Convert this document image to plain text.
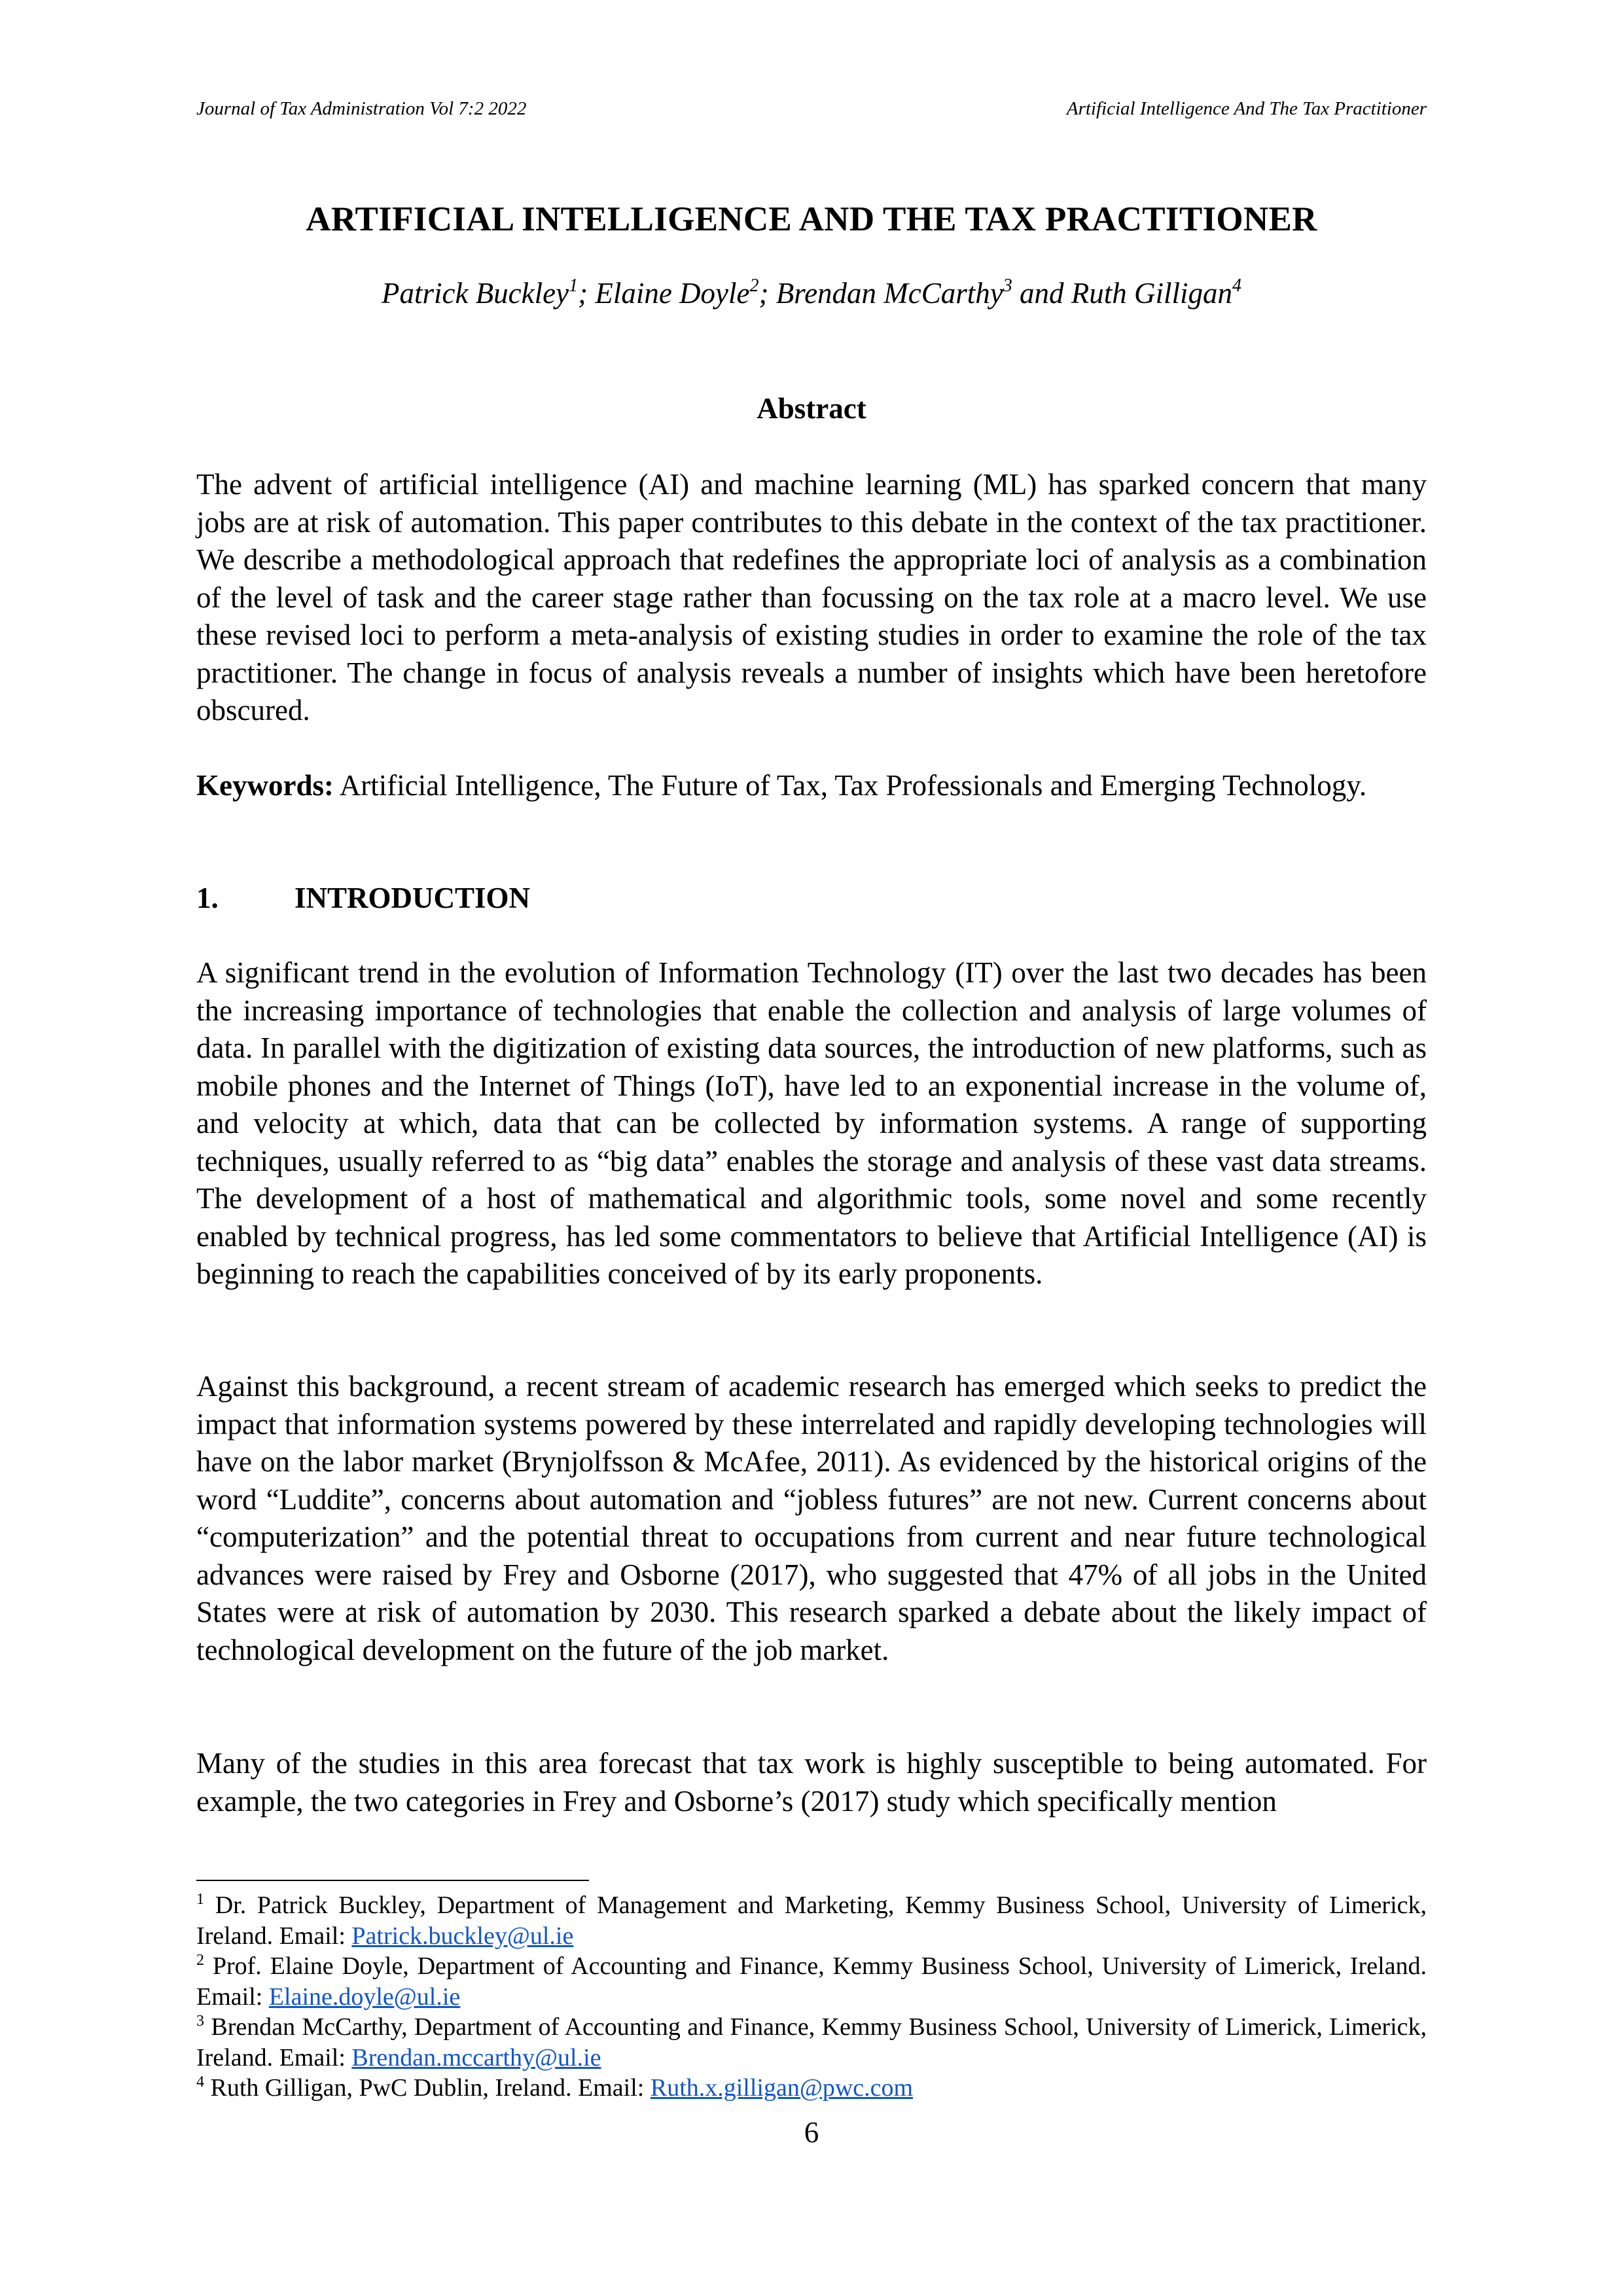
Journal of Tax Administration Vol 7:2 2022	Artificial Intelligence And The Tax Practitioner
ARTIFICIAL INTELLIGENCE AND THE TAX PRACTITIONER
Patrick Buckley$^1$; Elaine Doyle$^2$; Brendan McCarthy$^3$ and Ruth Gilligan$^4$
Abstract

The advent of artificial intelligence (AI) and machine learning (ML) has sparked concern that many jobs are at risk of automation. This paper contributes to this debate in the context of the tax practitioner. We describe a methodological approach that redefines the appropriate loci of analysis as a combination of the level of task and the career stage rather than focussing on the tax role at a macro level. We use these revised loci to perform a meta-analysis of existing studies in order to examine the role of the tax practitioner. The change in focus of analysis reveals a number of insights which have been heretofore obscured.

Keywords: Artificial Intelligence, The Future of Tax, Tax Professionals and Emerging Technology.

1.	INTRODUCTION

A significant trend in the evolution of Information Technology (IT) over the last two decades has been the increasing importance of technologies that enable the collection and analysis of large volumes of data. In parallel with the digitization of existing data sources, the introduction of new platforms, such as mobile phones and the Internet of Things (IoT), have led to an exponential increase in the volume of, and velocity at which, data that can be collected by information systems. A range of supporting techniques, usually referred to as “big data” enables the storage and analysis of these vast data streams. The development of a host of mathematical and algorithmic tools, some novel and some recently enabled by technical progress, has led some commentators to believe that Artificial Intelligence (AI) is beginning to reach the capabilities conceived of by its early proponents.

Against this background, a recent stream of academic research has emerged which seeks to predict the impact that information systems powered by these interrelated and rapidly developing technologies will have on the labor market (Brynjolfsson & McAfee, 2011). As evidenced by the historical origins of the word “Luddite”, concerns about automation and “jobless futures” are not new. Current concerns about “computerization” and the potential threat to occupations from current and near future technological advances were raised by Frey and Osborne (2017), who suggested that 47% of all jobs in the United States were at risk of automation by 2030. This research sparked a debate about the likely impact of technological development on the future of the job market.

Many of the studies in this area forecast that tax work is highly susceptible to being automated. For example, the two categories in Frey and Osborne’s (2017) study which specifically mention

$^1$ Dr. Patrick Buckley, Department of Management and Marketing, Kemmy Business School, University of Limerick, Ireland. Email: Patrick.buckley@ul.ie

$^2$ Prof. Elaine Doyle, Department of Accounting and Finance, Kemmy Business School, University of Limerick, Ireland. Email: Elaine.doyle@ul.ie

$^3$ Brendan McCarthy, Department of Accounting and Finance, Kemmy Business School, University of Limerick, Limerick, Ireland. Email: Brendan.mccarthy@ul.ie

$^4$ Ruth Gilligan, PwC Dublin, Ireland. Email: Ruth.x.gilligan@pwc.com

6
